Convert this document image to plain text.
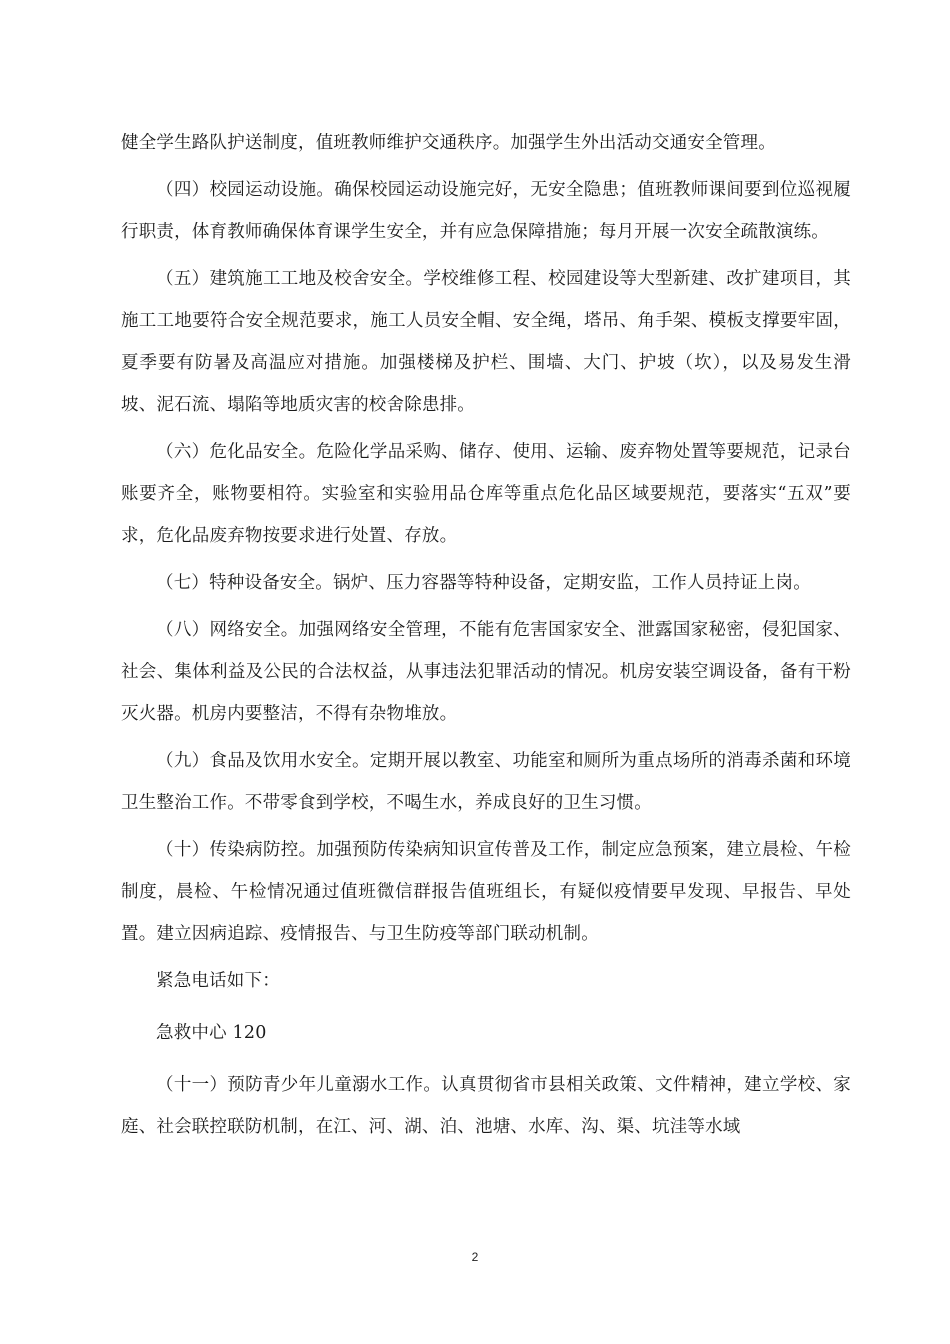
健全学生路队护送制度，值班教师维护交通秩序。加强学生外出活动交通安全管理。

（四）校园运动设施。确保校园运动设施完好，无安全隐患；值班教师课间要到位巡视履行职责，体育教师确保体育课学生安全，并有应急保障措施；每月开展一次安全疏散演练。

（五）建筑施工工地及校舍安全。学校维修工程、校园建设等大型新建、改扩建项目，其施工工地要符合安全规范要求，施工人员安全帽、安全绳，塔吊、角手架、模板支撑要牢固，夏季要有防暑及高温应对措施。加强楼梯及护栏、围墙、大门、护坡（坎），以及易发生滑坡、泥石流、塌陷等地质灾害的校舍除患排。

（六）危化品安全。危险化学品采购、储存、使用、运输、废弃物处置等要规范，记录台账要齐全，账物要相符。实验室和实验用品仓库等重点危化品区域要规范，要落实“五双”要求，危化品废弃物按要求进行处置、存放。

（七）特种设备安全。锅炉、压力容器等特种设备，定期安监，工作人员持证上岗。

（八）网络安全。加强网络安全管理，不能有危害国家安全、泄露国家秘密，侵犯国家、社会、集体利益及公民的合法权益，从事违法犯罪活动的情况。机房安装空调设备，备有干粉灭火器。机房内要整洁，不得有杂物堆放。

（九）食品及饮用水安全。定期开展以教室、功能室和厕所为重点场所的消毒杀菌和环境卫生整治工作。不带零食到学校，不喝生水，养成良好的卫生习惯。

（十）传染病防控。加强预防传染病知识宣传普及工作，制定应急预案，建立晨检、午检制度，晨检、午检情况通过值班微信群报告值班组长，有疑似疫情要早发现、早报告、早处置。建立因病追踪、疫情报告、与卫生防疫等部门联动机制。

紧急电话如下：

急救中心 120

（十一）预防青少年儿童溺水工作。认真贯彻省市县相关政策、文件精神，建立学校、家庭、社会联控联防机制，在江、河、湖、泊、池塘、水库、沟、渠、坑洼等水域

2
